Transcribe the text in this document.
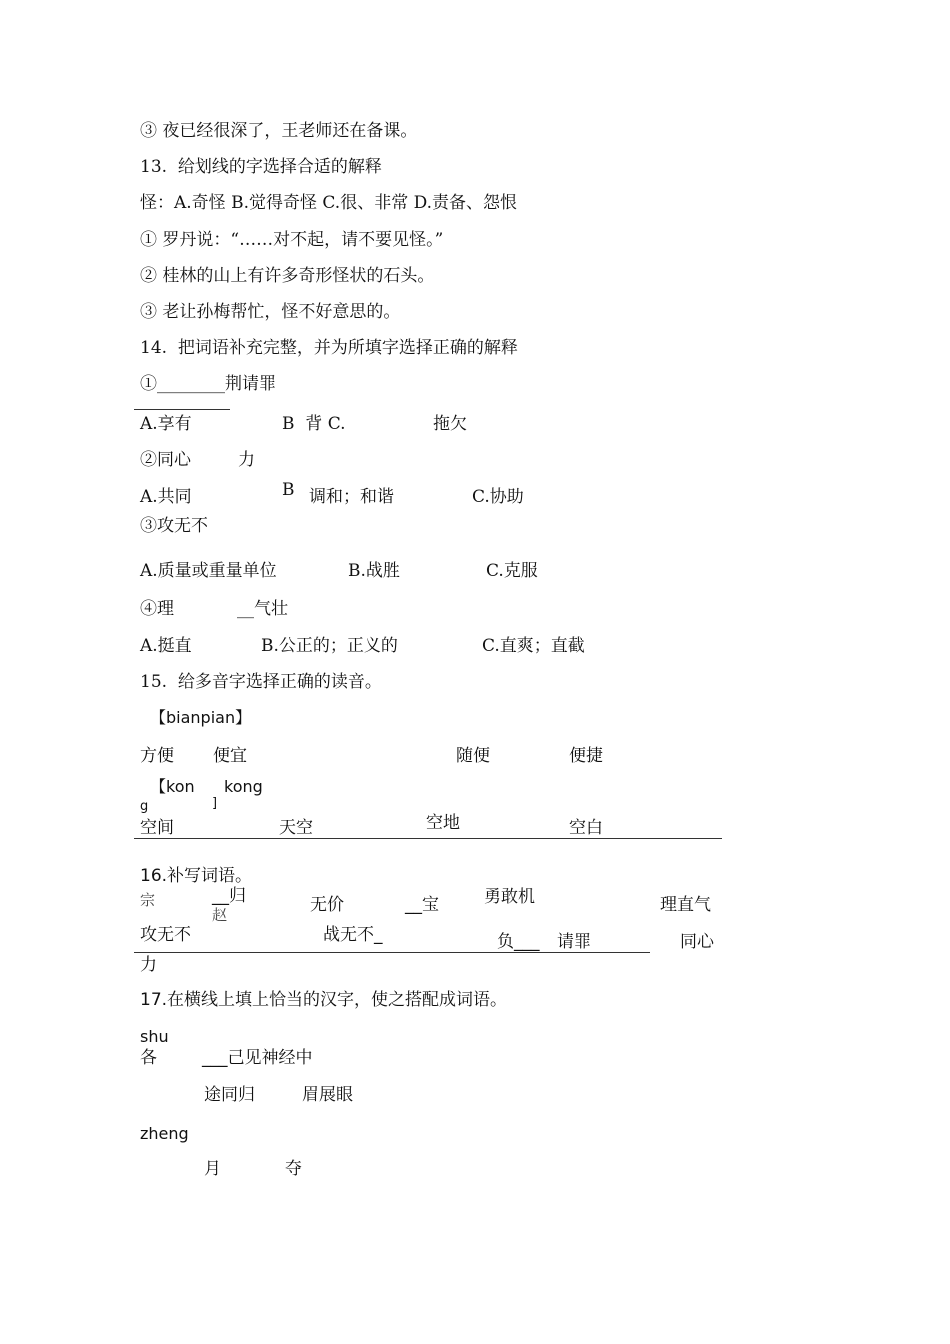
③ 夜已经很深了，王老师还在备课。
13.  给划线的字选择合适的解释
怪：A.奇怪 B.觉得奇怪 C.很、非常 D.责备、怨恨
① 罗丹说：“……对不起，请不要见怪。”
② 桂林的山上有许多奇形怪状的石头。
③ 老让孙梅帮忙，怪不好意思的。
14.  把词语补充完整，并为所填字选择正确的解释
①________荆请罪
A.享有	B  背 C.	拖欠
②同心	力
A.共同	B 调和；和谐	C.协助
③攻无不
A.质量或重量单位	B.战胜	C.克服
④理	__气壮
A.挺直	B.公正的；正义的	C.直爽；直截
15.  给多音字选择正确的读音。
【bianpian】
方便 便宜	随便	便捷
【kon kong
g	]
空间	天空	空地	空白
16.补写词语。
宗	__归
赵	无价	__宝	勇敢机	理直气
攻无不	战无不_	负___ 请罪	同心
力
17.在横线上填上恰当的汉字，使之搭配成词语。
shu
各	___己见神经中
途同归	眉展眼
zheng
月	夺
